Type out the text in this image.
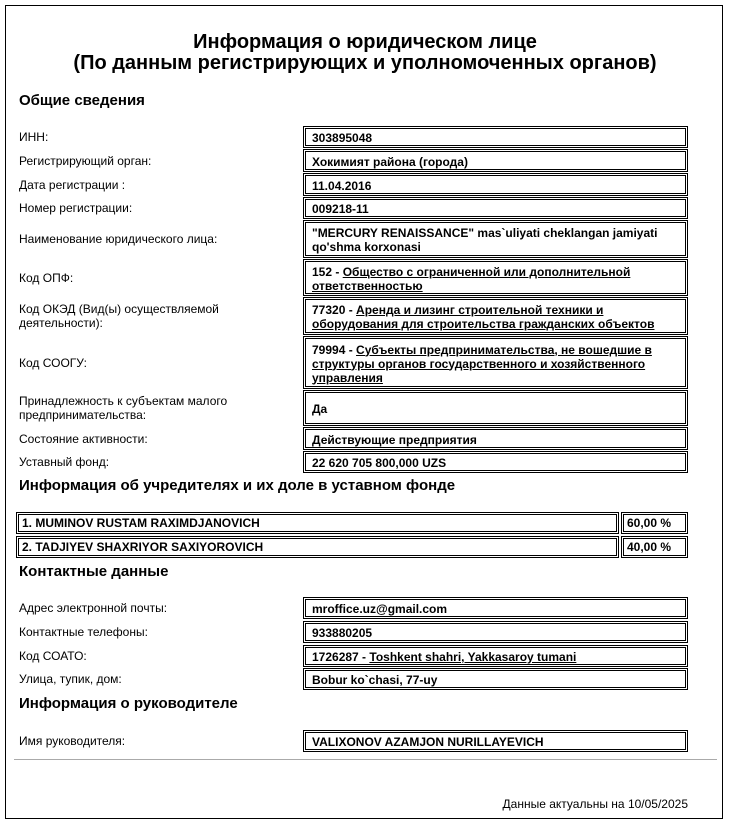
Информация о юридическом лице
(По данным регистрирующих и уполномоченных органов)
Общие сведения
ИНН:	303895048
Регистрирующий орган:	Хокимият района (города)
Дата регистрации :	11.04.2016
Номер регистрации:	009218-11
Наименование юридического лица:	"MERCURY RENAISSANCE" mas`uliyati cheklangan jamiyati qo'shma korxonasi
Код ОПФ:	152 - Общество с ограниченной или дополнительной ответственностью
Код ОКЭД (Вид(ы) осуществляемой деятельности):
77320 - Аренда и лизинг строительной техники и оборудования для строительства гражданских объектов
Код СООГУ:
79994 - Субъекты предпринимательства, не вошедшие в структуры органов государственного и хозяйственного управления
Принадлежность к субъектам малого предпринимательства:	Да
Состояние активности:	Действующие предприятия
Уставный фонд:	22 620 705 800,000 UZS
Информация об учредителях и их доле в уставном фонде
1. MUMINOV RUSTAM RAXIMDJANOVICH	60,00 %
2. TADJIYEV SHAXRIYOR SAXIYOROVICH	40,00 %
Контактные данные
Адрес электронной почты:	mroffice.uz@gmail.com
Контактные телефоны:	933880205
Код СОАТО:	1726287 - Toshkent shahri, Yakkasaroy tumani
Улица, тупик, дом:	Bobur ko`chasi, 77-uy
Информация о руководителе
Имя руководителя:	VALIXONOV AZAMJON NURILLAYEVICH
Данные актуальны на 10/05/2025
